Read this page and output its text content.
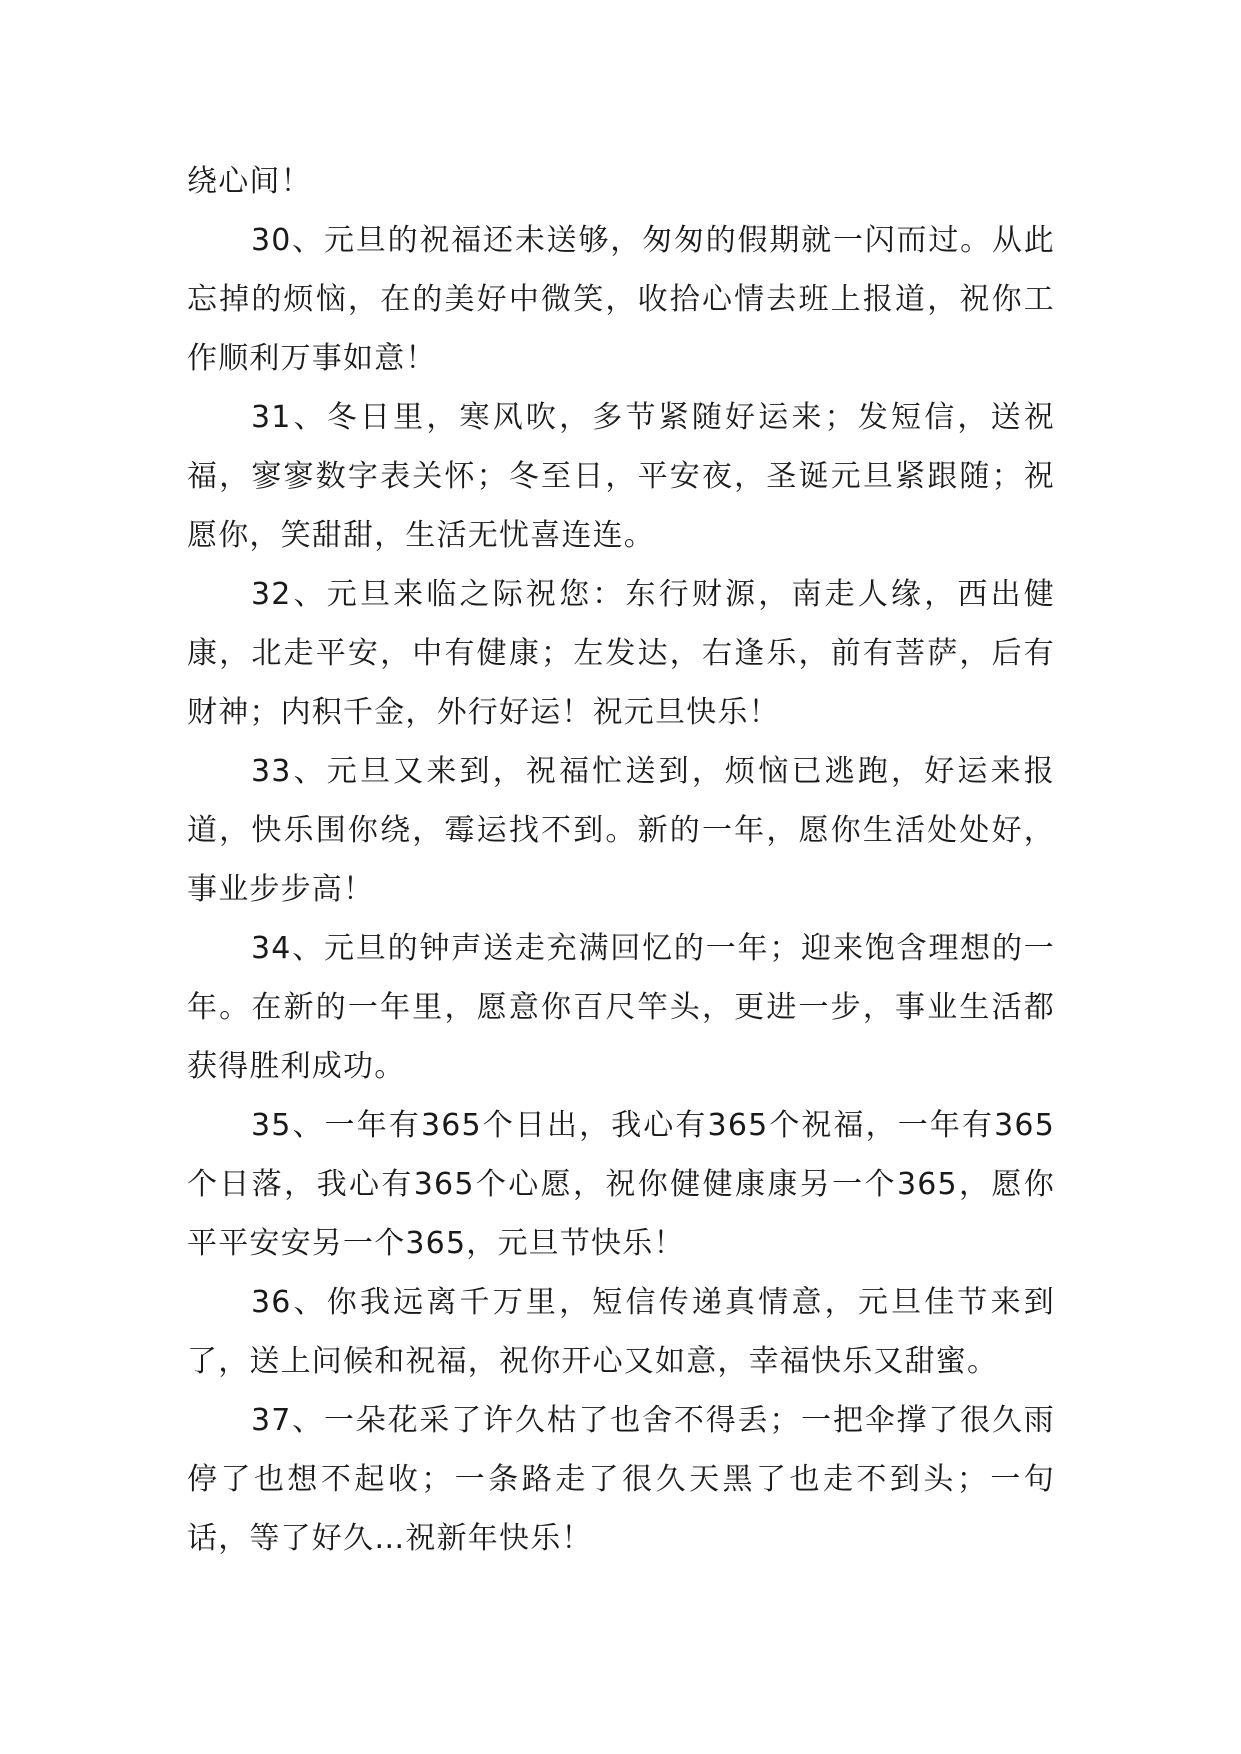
绕心间！

30、元旦的祝福还未送够，匆匆的假期就一闪而过。从此忘掉的烦恼，在的美好中微笑，收拾心情去班上报道，祝你工作顺利万事如意！

31、冬日里，寒风吹，多节紧随好运来；发短信，送祝福，寥寥数字表关怀；冬至日，平安夜，圣诞元旦紧跟随；祝愿你，笑甜甜，生活无忧喜连连。

32、元旦来临之际祝您：东行财源，南走人缘，西出健康，北走平安，中有健康；左发达，右逢乐，前有菩萨，后有财神；内积千金，外行好运！祝元旦快乐！

33、元旦又来到，祝福忙送到，烦恼已逃跑，好运来报道，快乐围你绕，霉运找不到。新的一年，愿你生活处处好，事业步步高！

34、元旦的钟声送走充满回忆的一年；迎来饱含理想的一年。在新的一年里，愿意你百尺竿头，更进一步，事业生活都获得胜利成功。

35、一年有365个日出，我心有365个祝福，一年有365个日落，我心有365个心愿，祝你健健康康另一个365，愿你平平安安另一个365，元旦节快乐！

36、你我远离千万里，短信传递真情意，元旦佳节来到了，送上问候和祝福，祝你开心又如意，幸福快乐又甜蜜。

37、一朵花采了许久枯了也舍不得丢；一把伞撑了很久雨停了也想不起收；一条路走了很久天黑了也走不到头；一句话，等了好久…祝新年快乐！
